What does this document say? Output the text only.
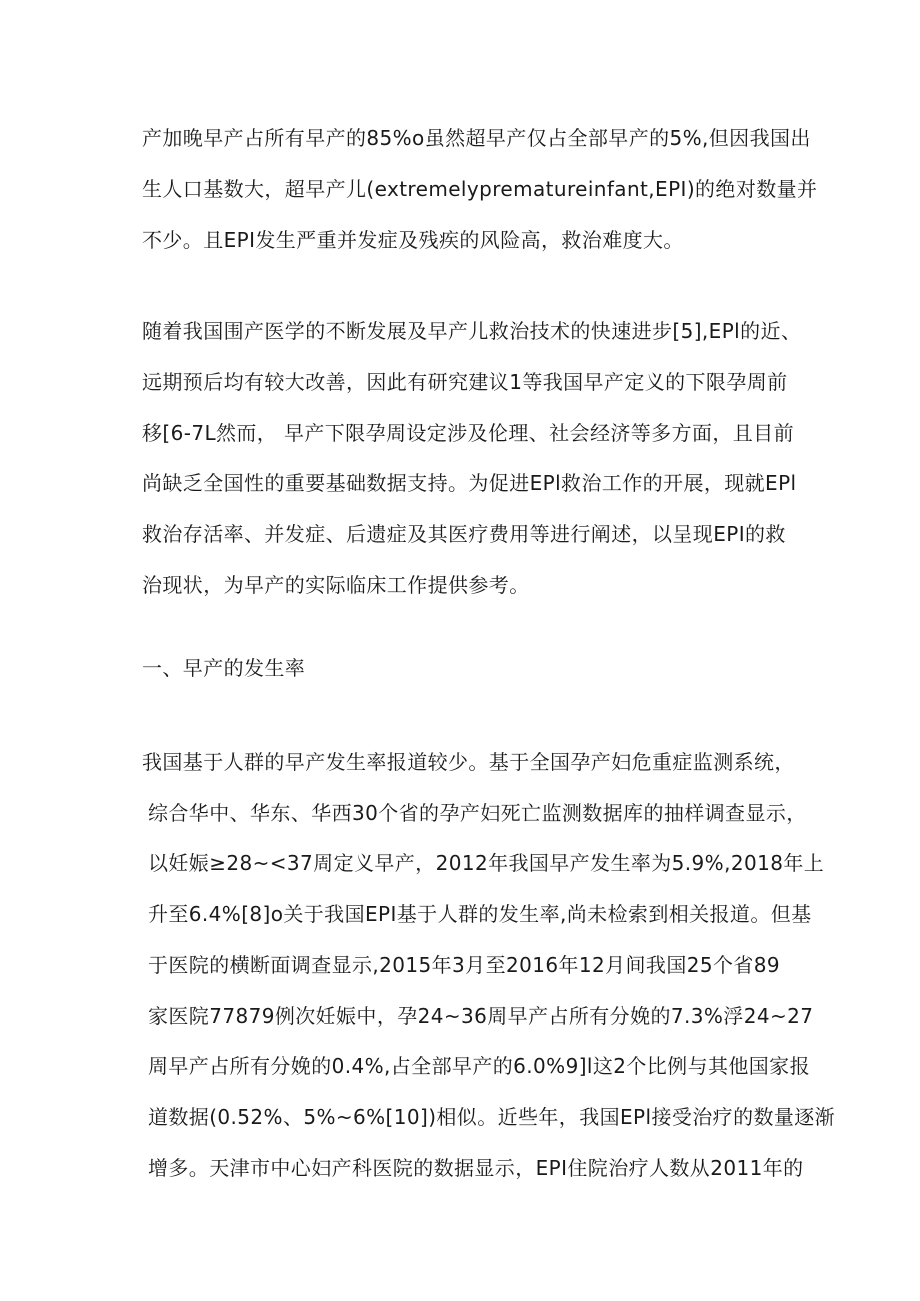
产加晚早产占所有早产的85%o虽然超早产仅占全部早产的5%,但因我国出
生人口基数大，超早产儿(extremelyprematureinfant,EPI)的绝对数量并
不少。且EPI发生严重并发症及残疾的风险高，救治难度大。
随着我国围产医学的不断发展及早产儿救治技术的快速进步[5],EPl的近、
远期预后均有较大改善，因此有研究建议1等我国早产定义的下限孕周前
移[6-7L然而， 早产下限孕周设定涉及伦理、社会经济等多方面，且目前
尚缺乏全国性的重要基础数据支持。为促进EPl救治工作的开展，现就EPl
救治存活率、并发症、后遗症及其医疗费用等进行阐述，以呈现EPI的救
治现状，为早产的实际临床工作提供参考。
一、早产的发生率
我国基于人群的早产发生率报道较少。基于全国孕产妇危重症监测系统，
综合华中、华东、华西30个省的孕产妇死亡监测数据库的抽样调查显示，
以妊娠≥28~<37周定义早产，2012年我国早产发生率为5.9%,2018年上
升至6.4%[8]o关于我国EPI基于人群的发生率,尚未检索到相关报道。但基
于医院的横断面调查显示,2015年3月至2016年12月间我国25个省89
家医院77879例次妊娠中，孕24~36周早产占所有分娩的7.3%浮24~27
周早产占所有分娩的0.4%,占全部早产的6.0%9]l这2个比例与其他国家报
道数据(0.52%、5%~6%[10])相似。近些年，我国EPl接受治疗的数量逐渐
增多。天津市中心妇产科医院的数据显示，EPI住院治疗人数从2011年的
